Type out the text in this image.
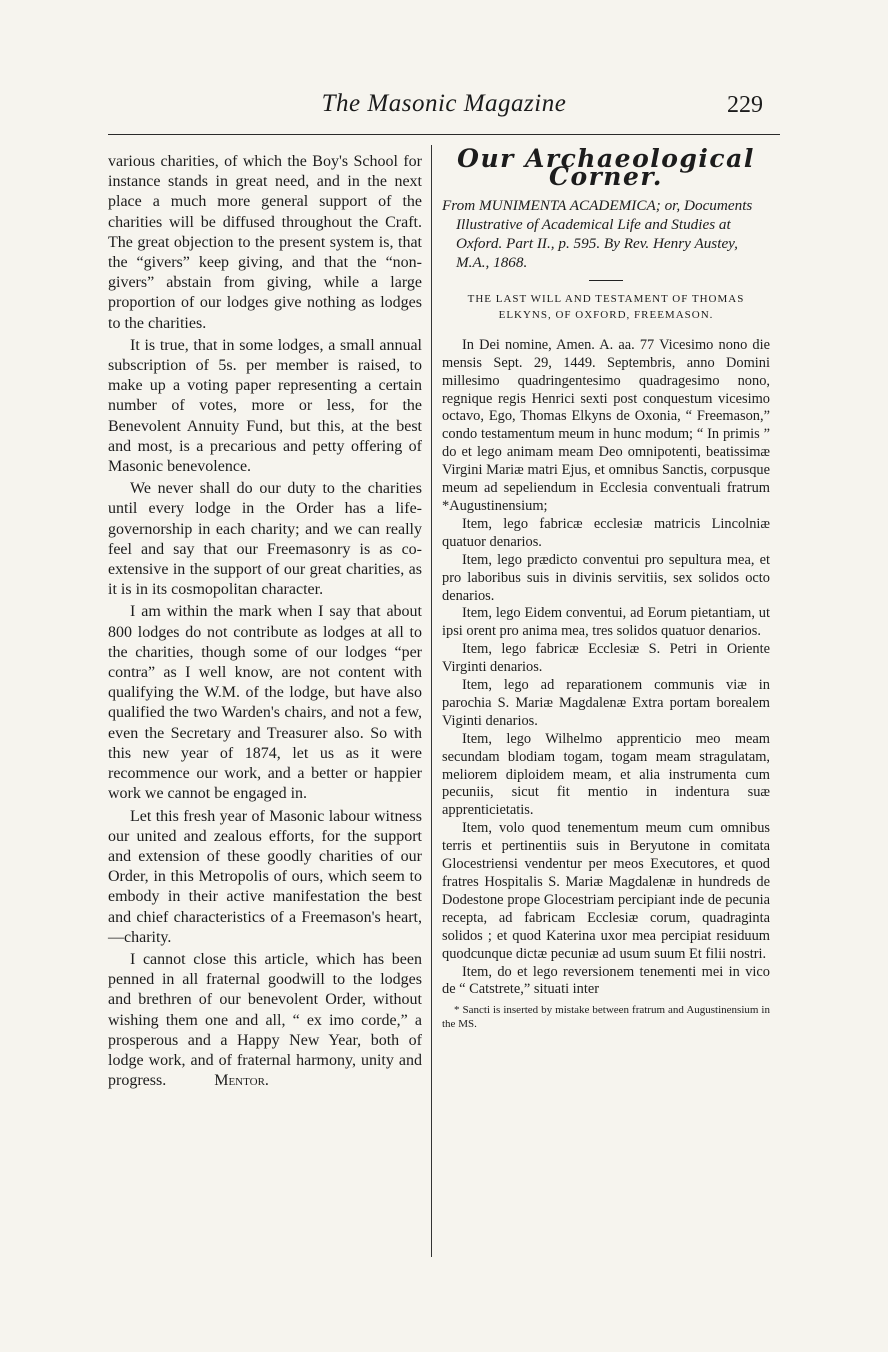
The Masonic Magazine	229

various charities, of which the Boy's School for instance stands in great need, and in the next place a much more general support of the charities will be diffused throughout the Craft. The great objection to the present system is, that the “givers” keep giving, and that the “non-givers” abstain from giving, while a large proportion of our lodges give nothing as lodges to the charities.

It is true, that in some lodges, a small annual subscription of 5s. per member is raised, to make up a voting paper representing a certain number of votes, more or less, for the Benevolent Annuity Fund, but this, at the best and most, is a precarious and petty offering of Masonic benevolence.

We never shall do our duty to the charities until every lodge in the Order has a life-governorship in each charity; and we can really feel and say that our Freemasonry is as co-extensive in the support of our great charities, as it is in its cosmopolitan character.

I am within the mark when I say that about 800 lodges do not contribute as lodges at all to the charities, though some of our lodges “per contra” as I well know, are not content with qualifying the W.M. of the lodge, but have also qualified the two Warden's chairs, and not a few, even the Secretary and Treasurer also. So with this new year of 1874, let us as it were recommence our work, and a better or happier work we cannot be engaged in.

Let this fresh year of Masonic labour witness our united and zealous efforts, for the support and extension of these goodly charities of our Order, in this Metropolis of ours, which seem to embody in their active manifestation the best and chief characteristics of a Freemason's heart,—charity.

I cannot close this article, which has been penned in all fraternal goodwill to the lodges and brethren of our benevolent Order, without wishing them one and all, “ ex imo corde,” a prosperous and a Happy New Year, both of lodge work, and of fraternal harmony, unity and progress.	Mentor.

Our Archaeological Corner.

From MUNIMENTA ACADEMICA; or, Documents Illustrative of Academical Life and Studies at Oxford. Part II., p. 595. By Rev. Henry Austey, M.A., 1868.

THE LAST WILL AND TESTAMENT OF THOMAS
ELKYNS, OF OXFORD, FREEMASON.

In Dei nomine, Amen. A. aa. 77 Vicesimo nono die mensis Sept. 29, 1449. Septembris, anno Domini millesimo quadringentesimo quadragesimo nono, regnique regis Henrici sexti post conquestum vicesimo octavo, Ego, Thomas Elkyns de Oxonia, “ Freemason,” condo testamentum meum in hunc modum; “ In primis ” do et lego animam meam Deo omnipotenti, beatissimæ Virgini Mariæ matri Ejus, et omnibus Sanctis, corpusque meum ad sepeliendum in Ecclesia conventuali fratrum *Augustinensium;

Item, lego fabricæ ecclesiæ matricis Lincolniæ quatuor denarios.

Item, lego prædicto conventui pro sepultura mea, et pro laboribus suis in divinis servitiis, sex solidos octo denarios.

Item, lego Eidem conventui, ad Eorum pietantiam, ut ipsi orent pro anima mea, tres solidos quatuor denarios.

Item, lego fabricæ Ecclesiæ S. Petri in Oriente Virginti denarios.

Item, lego ad reparationem communis viæ in parochia S. Mariæ Magdalenæ Extra portam borealem Viginti denarios.

Item, lego Wilhelmo apprenticio meo meam secundam blodiam togam, togam meam stragulatam, meliorem diploidem meam, et alia instrumenta cum pecuniis, sicut fit mentio in indentura suæ apprenticietatis.

Item, volo quod tenementum meum cum omnibus terris et pertinentiis suis in Beryutone in comitata Glocestriensi vendentur per meos Executores, et quod fratres Hospitalis S. Mariæ Magdalenæ in hundreds de Dodestone prope Glocestriam percipiant inde de pecunia recepta, ad fabricam Ecclesiæ corum, quadraginta solidos ; et quod Katerina uxor mea percipiat residuum quodcunque dictæ pecuniæ ad usum suum Et filii nostri.

Item, do et lego reversionem tenementi mei in vico de “ Catstrete,” situati inter

* Sancti is inserted by mistake between fratrum and Augustinensium in the MS.
